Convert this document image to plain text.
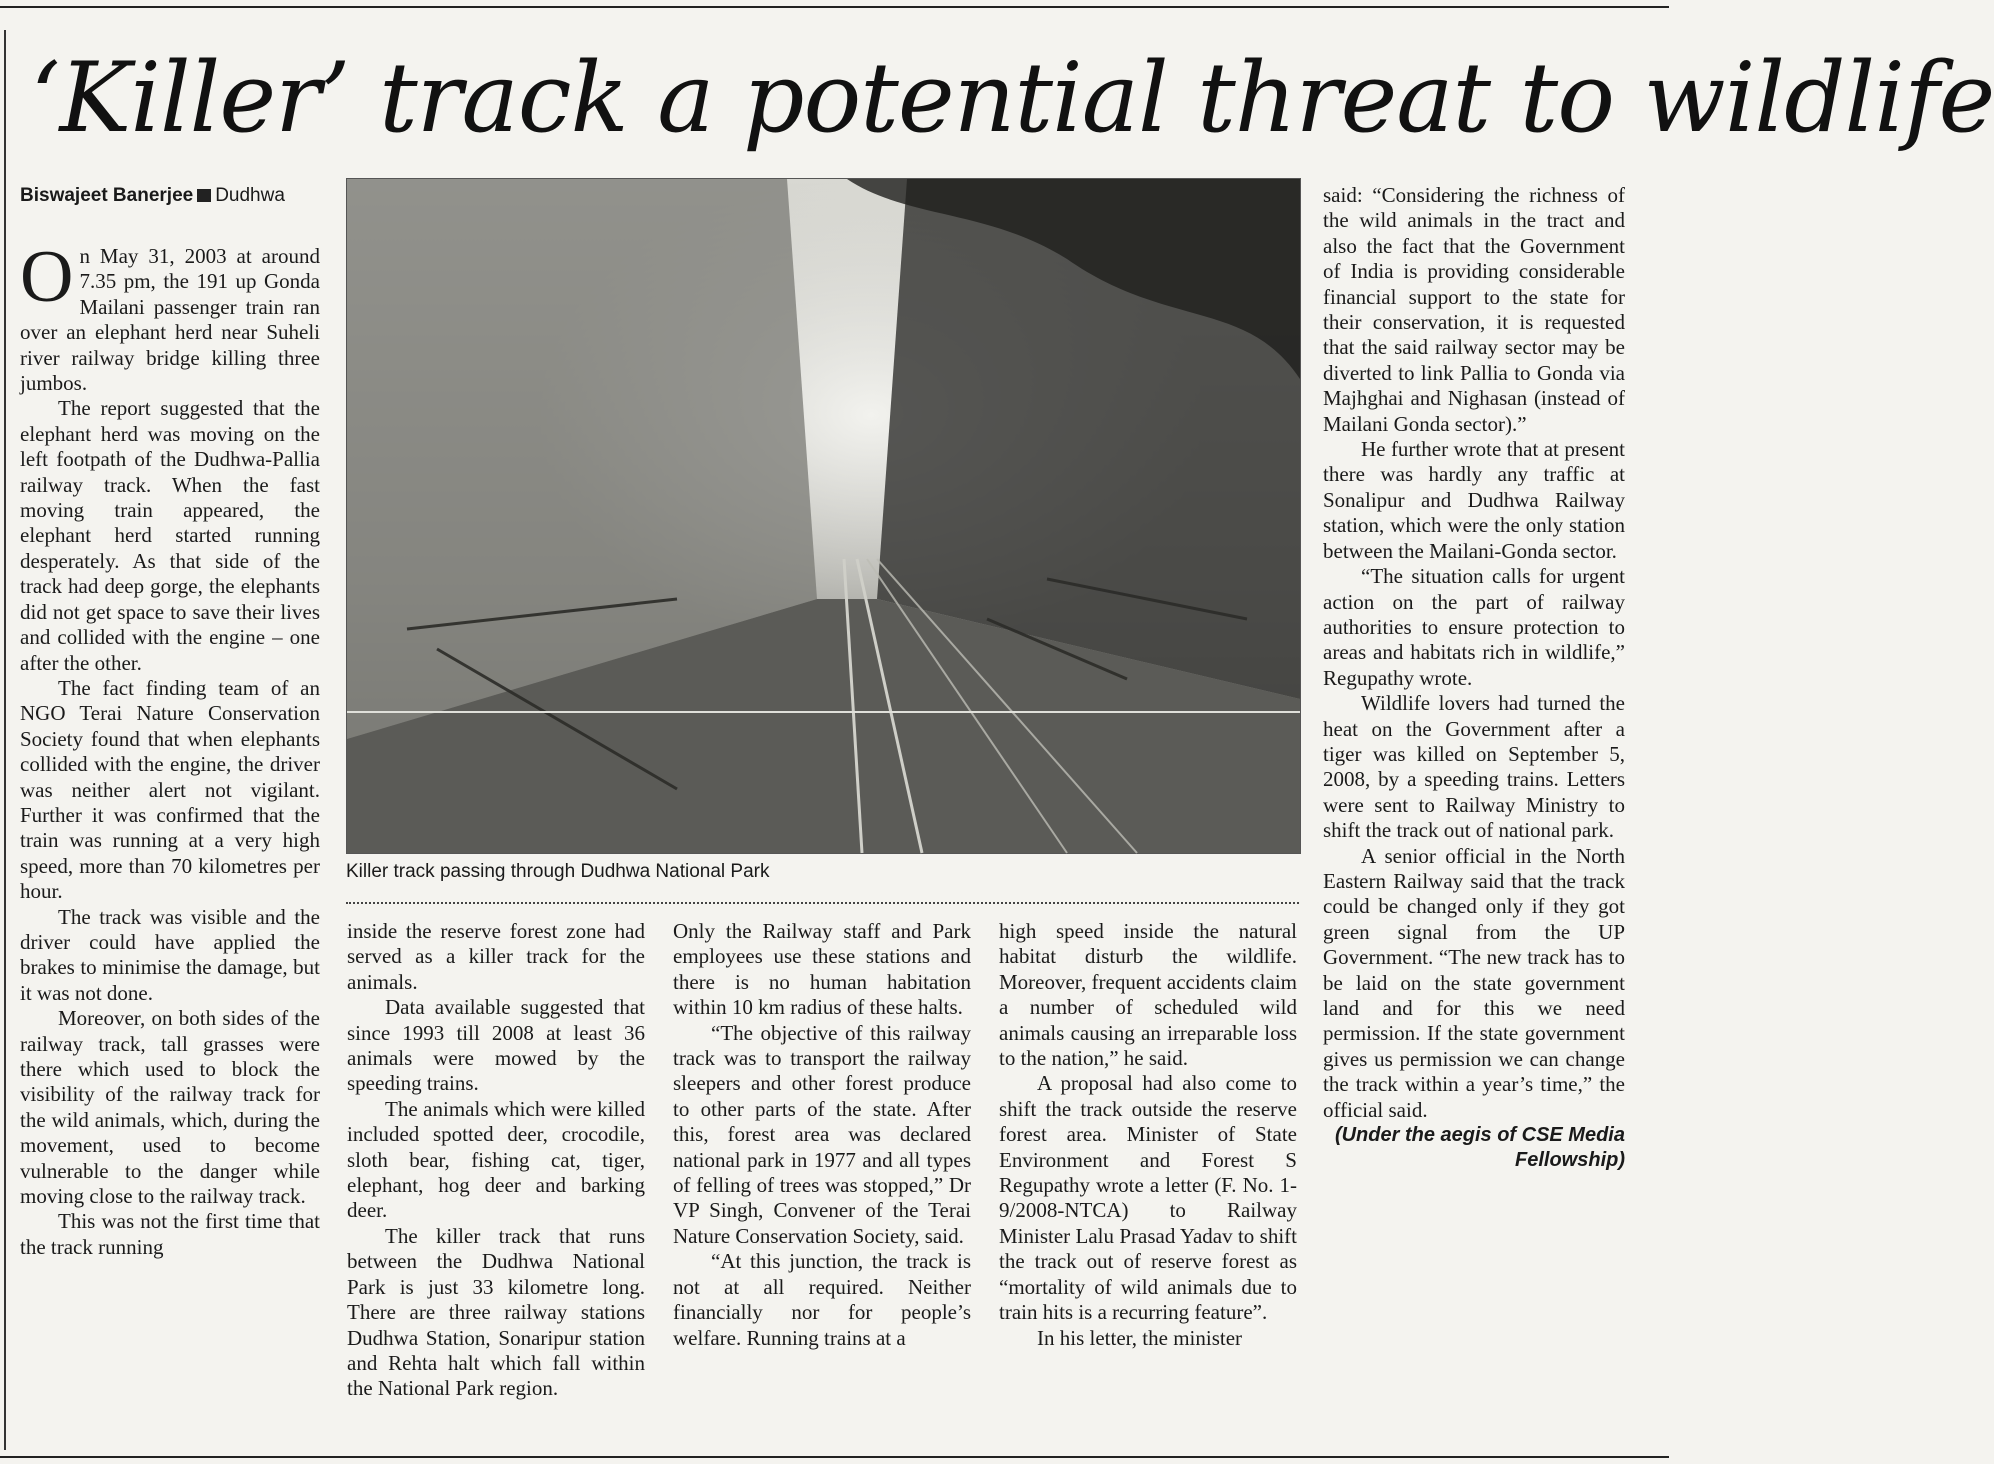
‘Killer’ track a potential threat to wildlife
Biswajeet Banerjee Dudhwa

On May 31, 2003 at around 7.35 pm, the 191 up Gonda Mailani passenger train ran over an elephant herd near Suheli river railway bridge killing three jumbos.

The report suggested that the elephant herd was moving on the left footpath of the Dudhwa-Pallia railway track. When the fast moving train appeared, the elephant herd started running desperately. As that side of the track had deep gorge, the elephants did not get space to save their lives and collided with the engine – one after the other.

The fact finding team of an NGO Terai Nature Conservation Society found that when elephants collided with the engine, the driver was neither alert not vigilant. Further it was confirmed that the train was running at a very high speed, more than 70 kilometres per hour.

The track was visible and the driver could have applied the brakes to minimise the damage, but it was not done.

Moreover, on both sides of the railway track, tall grasses were there which used to block the visibility of the railway track for the wild animals, which, during the movement, used to become vulnerable to the danger while moving close to the railway track.

This was not the first time that the track running

Killer track passing through Dudhwa National Park

inside the reserve forest zone had served as a killer track for the animals.

Data available suggested that since 1993 till 2008 at least 36 animals were mowed by the speeding trains.

The animals which were killed included spotted deer, crocodile, sloth bear, fishing cat, tiger, elephant, hog deer and barking deer.

The killer track that runs between the Dudhwa National Park is just 33 kilometre long. There are three railway stations Dudhwa Station, Sonaripur station and Rehta halt which fall within the National Park region.

Only the Railway staff and Park employees use these stations and there is no human habitation within 10 km radius of these halts.

“The objective of this railway track was to transport the railway sleepers and other forest produce to other parts of the state. After this, forest area was declared national park in 1977 and all types of felling of trees was stopped,” Dr VP Singh, Convener of the Terai Nature Conservation Society, said.

“At this junction, the track is not at all required. Neither financially nor for people’s welfare. Running trains at a

high speed inside the natural habitat disturb the wildlife. Moreover, frequent accidents claim a number of scheduled wild animals causing an irreparable loss to the nation,” he said.

A proposal had also come to shift the track outside the reserve forest area. Minister of State Environment and Forest S Regupathy wrote a letter (F. No. 1-9/2008-NTCA) to Railway Minister Lalu Prasad Yadav to shift the track out of reserve forest as “mortality of wild animals due to train hits is a recurring feature”.

In his letter, the minister

said: “Considering the richness of the wild animals in the tract and also the fact that the Government of India is providing considerable financial support to the state for their conservation, it is requested that the said railway sector may be diverted to link Pallia to Gonda via Majhghai and Nighasan (instead of Mailani Gonda sector).”

He further wrote that at present there was hardly any traffic at Sonalipur and Dudhwa Railway station, which were the only station between the Mailani-Gonda sector.

“The situation calls for urgent action on the part of railway authorities to ensure protection to areas and habitats rich in wildlife,” Regupathy wrote.

Wildlife lovers had turned the heat on the Government after a tiger was killed on September 5, 2008, by a speeding trains. Letters were sent to Railway Ministry to shift the track out of national park.

A senior official in the North Eastern Railway said that the track could be changed only if they got green signal from the UP Government. “The new track has to be laid on the state government land and for this we need permission. If the state government gives us permission we can change the track within a year’s time,” the official said.

(Under the aegis of CSE Media Fellowship)
